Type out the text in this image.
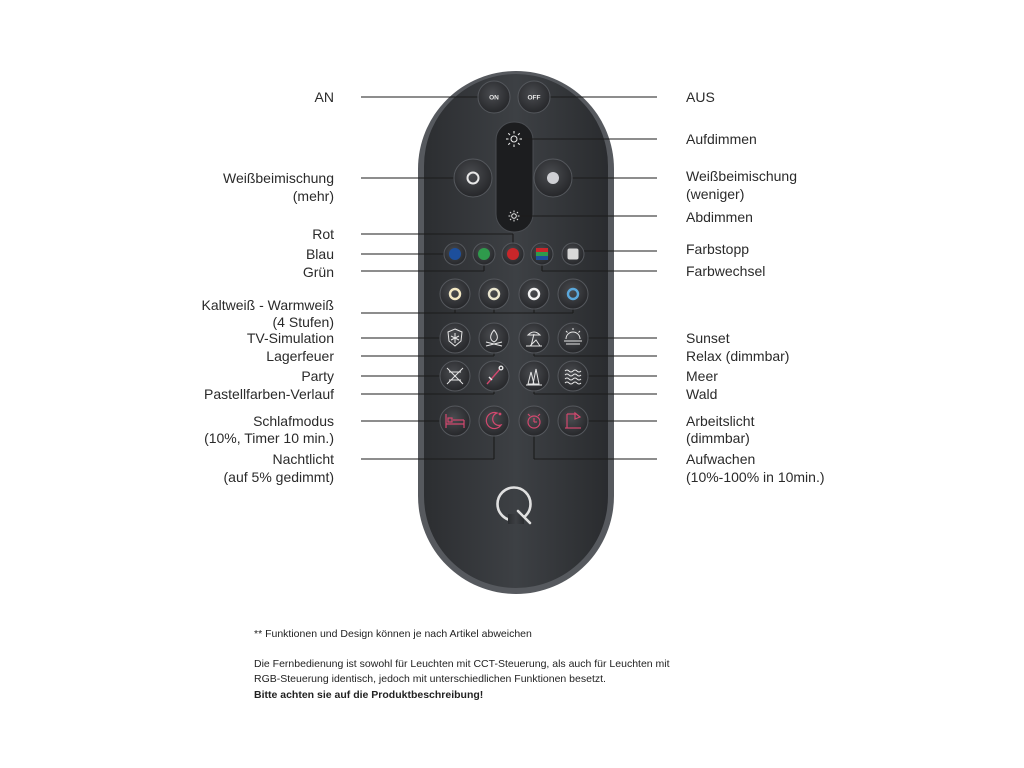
ON	OFF
AN
Weißbeimischung
(mehr)
Rot
Blau
Grün
Kaltweiß - Warmweiß
(4 Stufen)
TV-Simulation
Lagerfeuer
Party
Pastellfarben-Verlauf
Schlafmodus
(10%, Timer 10 min.)
Nachtlicht
(auf 5% gedimmt)
AUS
Aufdimmen
Weißbeimischung
(weniger)
Abdimmen
Farbstopp
Farbwechsel
Sunset
Relax (dimmbar)
Meer
Wald
Arbeitslicht
(dimmbar)
Aufwachen
(10%-100% in 10min.)

** Funktionen und Design können je nach Artikel abweichen

Die Fernbedienung ist sowohl für Leuchten mit CCT-Steuerung, als auch für Leuchten mit

RGB-Steuerung identisch, jedoch mit unterschiedlichen Funktionen besetzt.

Bitte achten sie auf die Produktbeschreibung!
